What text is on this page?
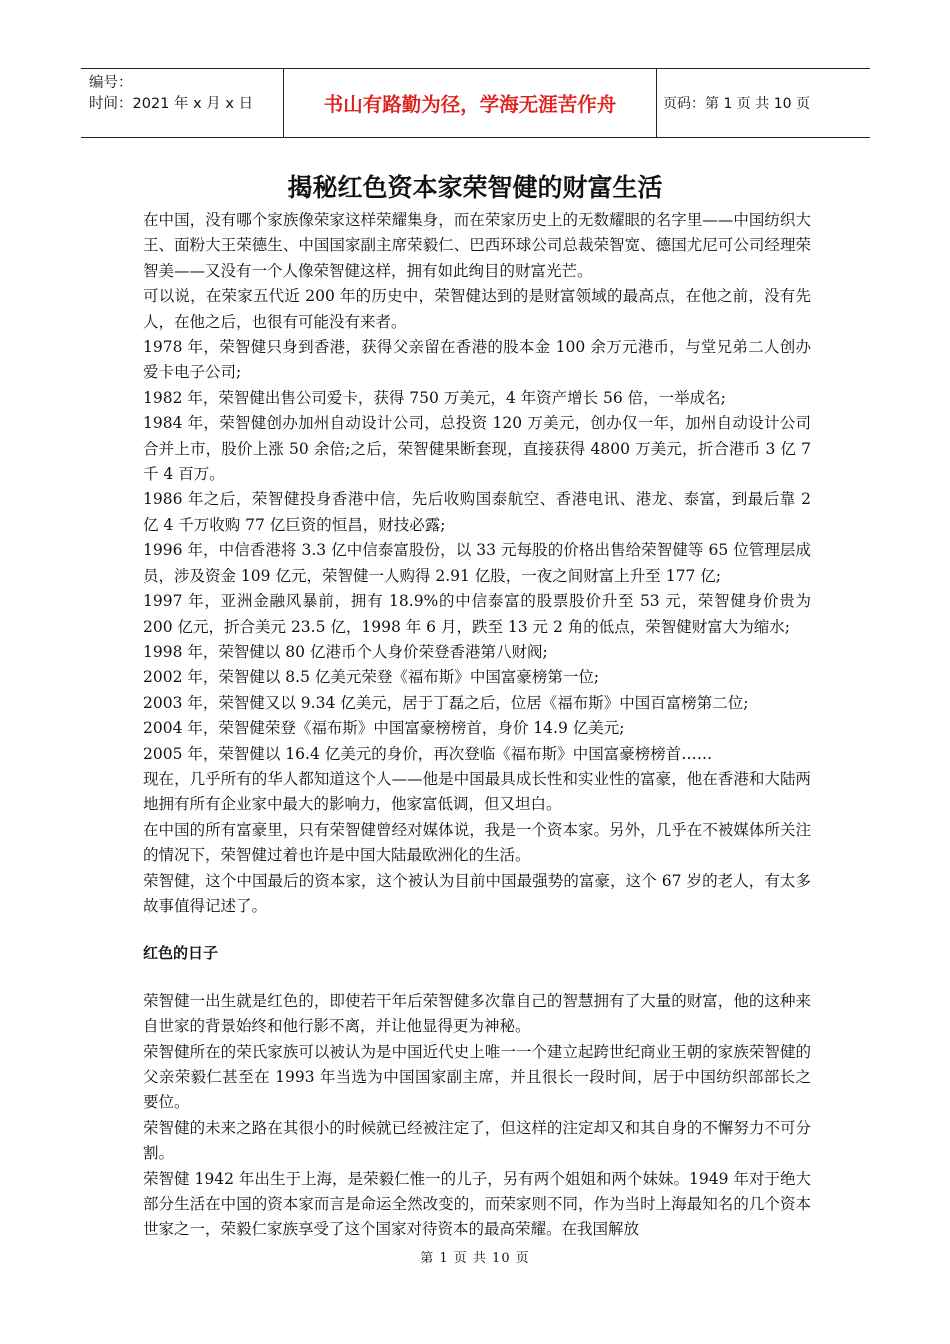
编号：
时间：2021 年 x 月 x 日	书山有路勤为径，学海无涯苦作舟	页码：第 1 页 共 10 页
揭秘红色资本家荣智健的财富生活

在中国，没有哪个家族像荣家这样荣耀集身，而在荣家历史上的无数耀眼的名字里——中国纺织大王、面粉大王荣德生、中国国家副主席荣毅仁、巴西环球公司总裁荣智宽、德国尤尼可公司经理荣智美——又没有一个人像荣智健这样，拥有如此绚目的财富光芒。

可以说，在荣家五代近 200 年的历史中，荣智健达到的是财富领域的最高点，在他之前，没有先人，在他之后，也很有可能没有来者。

1978 年，荣智健只身到香港，获得父亲留在香港的股本金 100 余万元港币，与堂兄弟二人创办爱卡电子公司;

1982 年，荣智健出售公司爱卡，获得 750 万美元，4 年资产增长 56 倍，一举成名;

1984 年，荣智健创办加州自动设计公司，总投资 120 万美元，创办仅一年，加州自动设计公司合并上市，股价上涨 50 余倍;之后，荣智健果断套现，直接获得 4800 万美元，折合港币 3 亿 7 千 4 百万。

1986 年之后，荣智健投身香港中信，先后收购国泰航空、香港电讯、港龙、泰富，到最后靠 2 亿 4 千万收购 77 亿巨资的恒昌，财技必露;

1996 年，中信香港将 3.3 亿中信泰富股份，以 33 元每股的价格出售给荣智健等 65 位管理层成员，涉及资金 109 亿元，荣智健一人购得 2.91 亿股，一夜之间财富上升至 177 亿;

1997 年，亚洲金融风暴前，拥有 18.9%的中信泰富的股票股价升至 53 元，荣智健身价贵为 200 亿元，折合美元 23.5 亿，1998 年 6 月，跌至 13 元 2 角的低点，荣智健财富大为缩水;

1998 年，荣智健以 80 亿港币个人身价荣登香港第八财阀;

2002 年，荣智健以 8.5 亿美元荣登《福布斯》中国富豪榜第一位;

2003 年，荣智健又以 9.34 亿美元，居于丁磊之后，位居《福布斯》中国百富榜第二位;

2004 年，荣智健荣登《福布斯》中国富豪榜榜首，身价 14.9 亿美元;

2005 年，荣智健以 16.4 亿美元的身价，再次登临《福布斯》中国富豪榜榜首……

现在，几乎所有的华人都知道这个人——他是中国最具成长性和实业性的富豪，他在香港和大陆两地拥有所有企业家中最大的影响力，他家富低调，但又坦白。

在中国的所有富豪里，只有荣智健曾经对媒体说，我是一个资本家。另外，几乎在不被媒体所关注的情况下，荣智健过着也许是中国大陆最欧洲化的生活。

荣智健，这个中国最后的资本家，这个被认为目前中国最强势的富豪，这个 67 岁的老人，有太多故事值得记述了。

红色的日子

荣智健一出生就是红色的，即使若干年后荣智健多次靠自己的智慧拥有了大量的财富，他的这种来自世家的背景始终和他行影不离，并让他显得更为神秘。

荣智健所在的荣氏家族可以被认为是中国近代史上唯一一个建立起跨世纪商业王朝的家族荣智健的父亲荣毅仁甚至在 1993 年当选为中国国家副主席，并且很长一段时间，居于中国纺织部部长之要位。

荣智健的未来之路在其很小的时候就已经被注定了，但这样的注定却又和其自身的不懈努力不可分割。

荣智健 1942 年出生于上海，是荣毅仁惟一的儿子，另有两个姐姐和两个妹妹。1949 年对于绝大部分生活在中国的资本家而言是命运全然改变的，而荣家则不同，作为当时上海最知名的几个资本世家之一，荣毅仁家族享受了这个国家对待资本的最高荣耀。在我国解放

第 1 页 共 10 页
